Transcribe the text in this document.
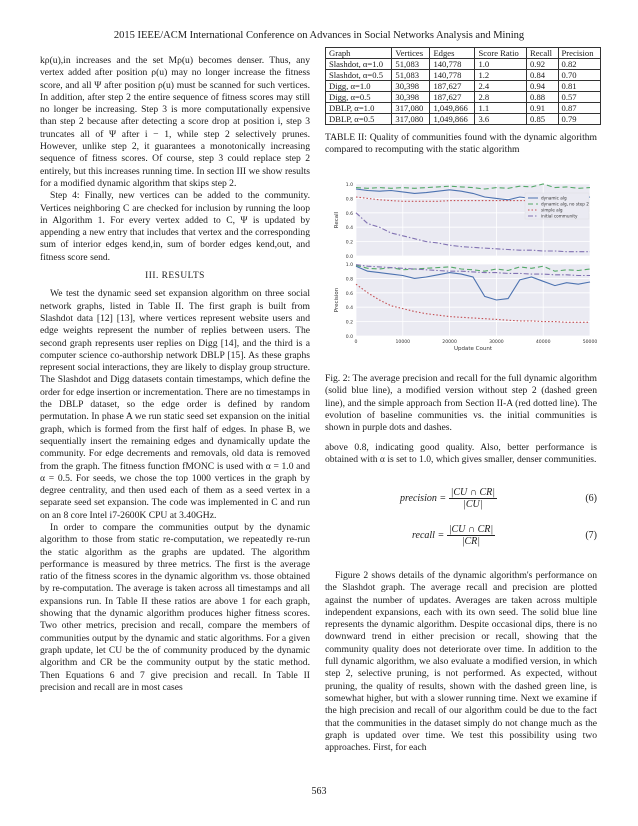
2015 IEEE/ACM International Conference on Advances in Social Networks Analysis and Mining

kρ(u),in increases and the set Mρ(u) becomes denser. Thus, any vertex added after position ρ(u) may no longer increase the fitness score, and all Ψ after position ρ(u) must be scanned for such vertices. In addition, after step 2 the entire sequence of fitness scores may still no longer be increasing. Step 3 is more computationally expensive than step 2 because after detecting a score drop at position i, step 3 truncates all of Ψ after i − 1, while step 2 selectively prunes. However, unlike step 2, it guarantees a monotonically increasing sequence of fitness scores. Of course, step 3 could replace step 2 entirely, but this increases running time. In section III we show results for a modified dynamic algorithm that skips step 2.

Step 4: Finally, new vertices can be added to the community. Vertices neighboring C are checked for inclusion by running the loop in Algorithm 1. For every vertex added to C, Ψ is updated by appending a new entry that includes that vertex and the corresponding sum of interior edges kend,in, sum of border edges kend,out, and fitness score send.

III. RESULTS

We test the dynamic seed set expansion algorithm on three social network graphs, listed in Table II. The first graph is built from Slashdot data [12] [13], where vertices represent website users and edge weights represent the number of replies between users. The second graph represents user replies on Digg [14], and the third is a computer science co-authorship network DBLP [15]. As these graphs represent social interactions, they are likely to display group structure. The Slashdot and Digg datasets contain timestamps, which define the order for edge insertion or incrementation. There are no timestamps in the DBLP dataset, so the edge order is defined by random permutation. In phase A we run static seed set expansion on the initial graph, which is formed from the first half of edges. In phase B, we sequentially insert the remaining edges and dynamically update the community. For edge decrements and removals, old data is removed from the graph. The fitness function fMONC is used with α = 1.0 and α = 0.5. For seeds, we chose the top 1000 vertices in the graph by degree centrality, and then used each of them as a seed vertex in a separate seed set expansion. The code was implemented in C and run on an 8 core Intel i7-2600K CPU at 3.40GHz.

In order to compare the communities output by the dynamic algorithm to those from static re-computation, we repeatedly re-run the static algorithm as the graphs are updated. The algorithm performance is measured by three metrics. The first is the average ratio of the fitness scores in the dynamic algorithm vs. those obtained by re-computation. The average is taken across all timestamps and all expansions run. In Table II these ratios are above 1 for each graph, showing that the dynamic algorithm produces higher fitness scores. Two other metrics, precision and recall, compare the members of communities output by the dynamic and static algorithms. For a given graph update, let CU be the of community produced by the dynamic algorithm and CR be the community output by the static method. Then Equations 6 and 7 give precision and recall. In Table II precision and recall are in most cases

Graph	Vertices	Edges	Score Ratio	Recall	Precision
Slashdot, α=1.0	51,083	140,778	1.0	0.92	0.82
Slashdot, α=0.5	51,083	140,778	1.2	0.84	0.70
Digg, α=1.0	30,398	187,627	2.4	0.94	0.81
Digg, α=0.5	30,398	187,627	2.8	0.88	0.57
DBLP, α=1.0	317,080	1,049,866	1.1	0.91	0.87
DBLP, α=0.5	317,080	1,049,866	3.6	0.85	0.79
TABLE II: Quality of communities found with the dynamic algorithm compared to recomputing with the static algorithm
0.0
0.2
0.4
0.6
0.8
1.0
Recall
dynamic alg
dynamic alg, no step 2
simple alg
initial community
0.0
0.2
0.4
0.6
0.8
1.0
Precision
0	10000	20000	30000	40000	50000
Update Count
Fig. 2: The average precision and recall for the full dynamic algorithm (solid blue line), a modified version without step 2 (dashed green line), and the simple approach from Section II-A (red dotted line). The evolution of baseline communities vs. the initial communities is shown in purple dots and dashes.
above 0.8, indicating good quality. Also, better performance is obtained with α is set to 1.0, which gives smaller, denser communities.
precision = $\frac{|CU \cap CR|}{|CU|}$	(6)
recall = $\frac{|CU \cap CR|}{|CR|}$	(7)
Figure 2 shows details of the dynamic algorithm's performance on the Slashdot graph. The average recall and precision are plotted against the number of updates. Averages are taken across multiple independent expansions, each with its own seed. The solid blue line represents the dynamic algorithm. Despite occasional dips, there is no downward trend in either precision or recall, showing that the community quality does not deteriorate over time. In addition to the full dynamic algorithm, we also evaluate a modified version, in which step 2, selective pruning, is not performed. As expected, without pruning, the quality of results, shown with the dashed green line, is somewhat higher, but with a slower running time. Next we examine if the high precision and recall of our algorithm could be due to the fact that the communities in the dataset simply do not change much as the graph is updated over time. We test this possibility using two approaches. First, for each
563
